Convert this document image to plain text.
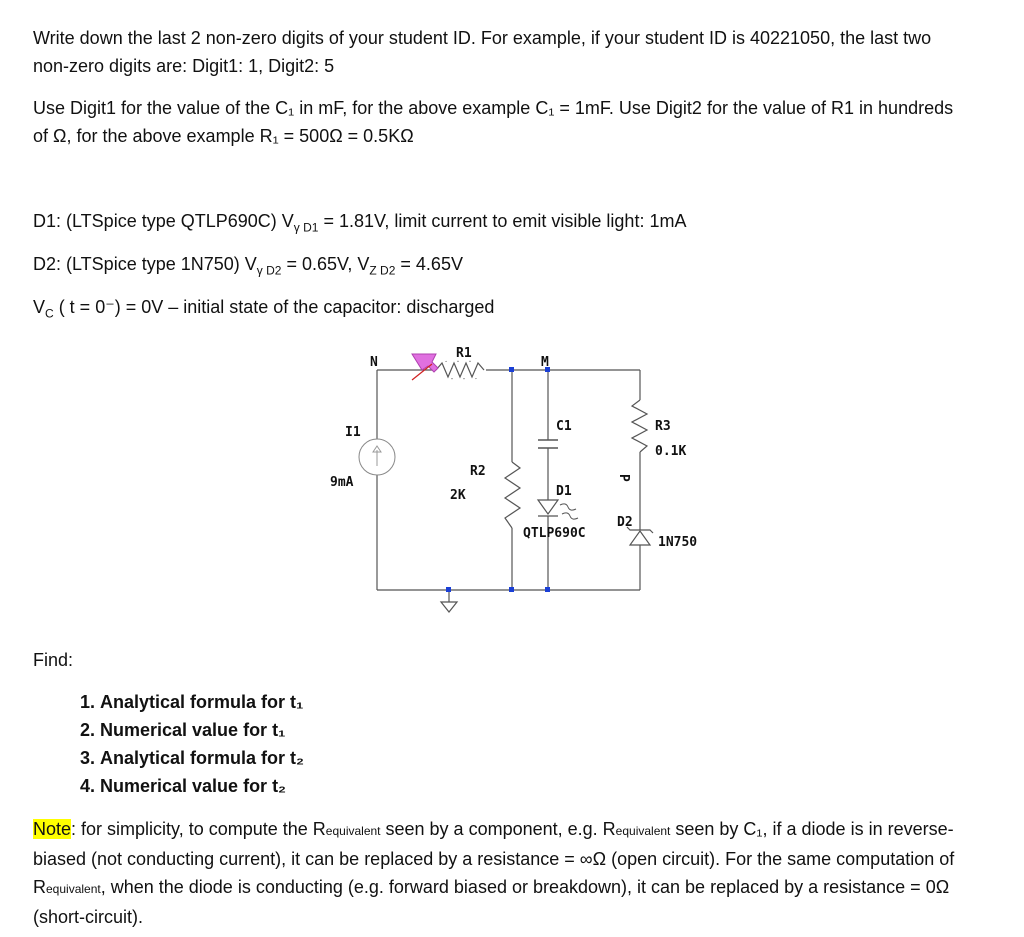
Write down the last 2 non-zero digits of your student ID. For example, if your student ID is 40221050, the last two
non-zero digits are: Digit1: 1, Digit2: 5
Use Digit1 for the value of the C₁ in mF, for the above example C₁ = 1mF. Use Digit2 for the value of R1 in hundreds
of Ω, for the above example R₁ = 500Ω = 0.5KΩ
D1: (LTSpice type QTLP690C) $V_{\gamma D1} = 1.81V$, limit current to emit visible light: 1mA
D2: (LTSpice type 1N750) $V_{\gamma D2} = 0.65V$, $V_{Z D2} = 4.65V$
$V_C$ ( t = 0⁻) = 0V – initial state of the capacitor: discharged
N
R1
M
I1
9mA
R2
2K
C1
D1
QTLP690C
R3
0.1K
P
D2
1N750
Find:
1. Analytical formula for t₁
2. Numerical value for t₁
3. Analytical formula for t₂
4. Numerical value for t₂
Note: for simplicity, to compute the Requivalent seen by a component, e.g. Requivalent seen by C₁, if a diode is in reverse-biased (not conducting current), it can be replaced by a resistance = ∞Ω (open circuit). For the same computation of Requivalent, when the diode is conducting (e.g. forward biased or breakdown), it can be replaced by a resistance = 0Ω (short-circuit).
